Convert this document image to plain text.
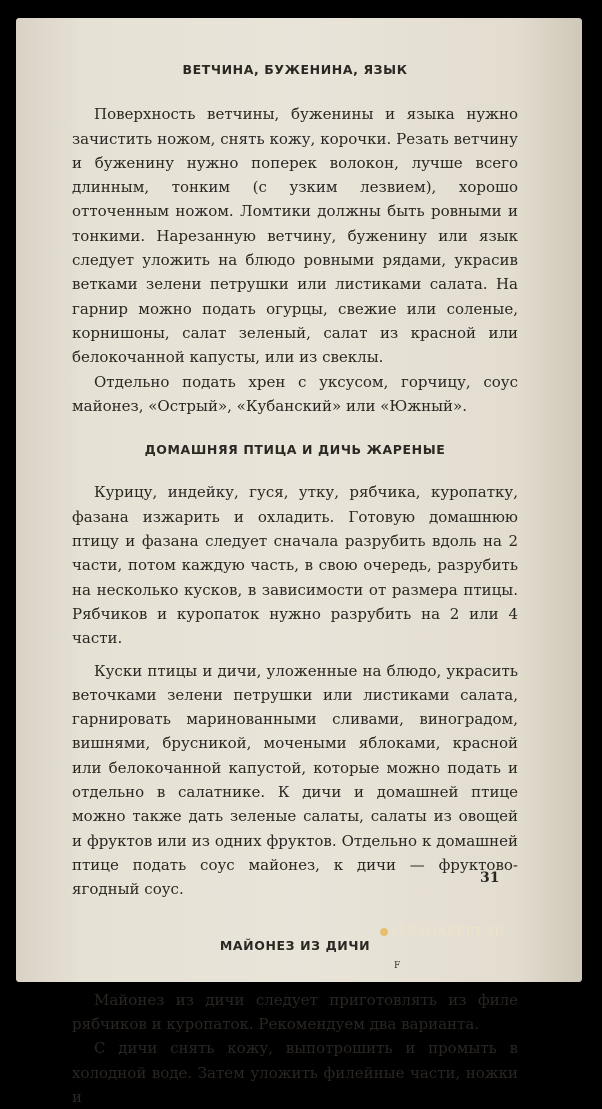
ВЕТЧИНА, БУЖЕНИНА, ЯЗЫК

Поверхность ветчины, буженины и языка нужно зачистить ножом, снять кожу, корочки. Резать ветчину и буженину нужно поперек волокон, лучше всего длинным, тонким (с узким лезвием), хорошо отточенным ножом. Ломтики должны быть ровными и тонкими. Нарезанную ветчину, буженину или язык следует уложить на блюдо ровными рядами, украсив ветками зелени петрушки или листиками салата. На гарнир можно подать огурцы, свежие или соленые, корнишоны, салат зеленый, салат из красной или белокочанной капусты, или из свеклы.

Отдельно подать хрен с уксусом, горчицу, соус майонез, «Острый», «Кубанский» или «Южный».

ДОМАШНЯЯ ПТИЦА И ДИЧЬ ЖАРЕНЫЕ

Курицу, индейку, гуся, утку, рябчика, куропатку, фазана изжарить и охладить. Готовую домашнюю птицу и фазана следует сначала разрубить вдоль на 2 части, потом каждую часть, в свою очередь, разрубить на несколько кусков, в зависимости от размера птицы. Рябчиков и куропаток нужно разрубить на 2 или 4 части.

Куски птицы и дичи, уложенные на блюдо, украсить веточками зелени петрушки или листиками салата, гарнировать маринованными сливами, виноградом, вишнями, брусникой, мочеными яблоками, красной или белокочанной капустой, которые можно подать и отдельно в салатнике. К дичи и домашней птице можно также дать зеленые салаты, салаты из овощей и фруктов или из одних фруктов. Отдельно к домашней птице подать соус майонез, к дичи — фруктово-ягодный соус.

МАЙОНЕЗ ИЗ ДИЧИ

Майонез из дичи следует приготовлять из филе рябчиков и куропаток. Рекомендуем два варианта.

С дичи снять кожу, выпотрошить и промыть в холодной воде. Затем уложить филейные части, ножки и

31
F
FLEAMARKET.BG
